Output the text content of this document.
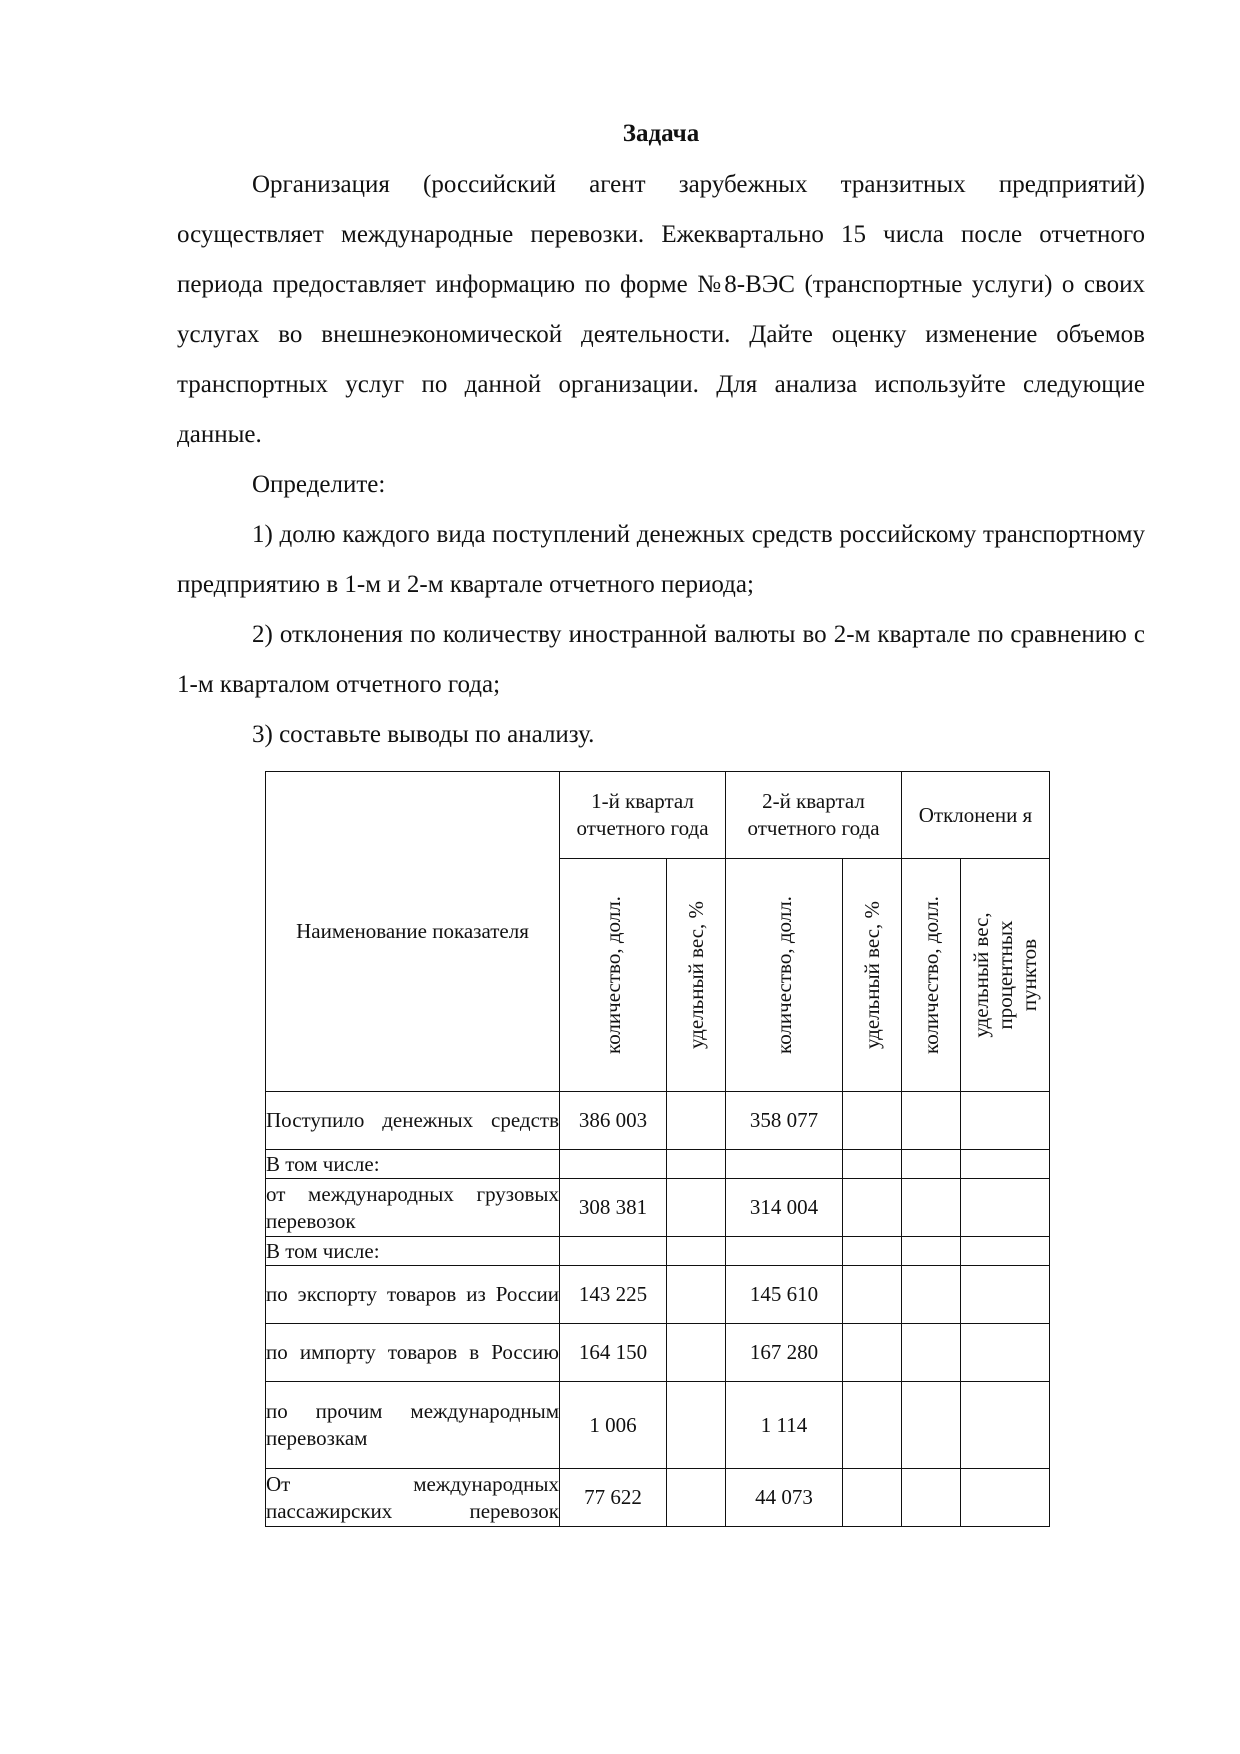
Задача

Организация (российский агент зарубежных транзитных предприятий) осуществляет международные перевозки. Ежеквартально 15 числа после отчетного периода предоставляет информацию по форме №8-ВЭС (транспортные услуги) о своих услугах во внешнеэкономической деятельности. Дайте оценку изменение объемов транспортных услуг по данной организации. Для анализа используйте следующие данные.

Определите:

1) долю каждого вида поступлений денежных средств российскому транспортному предприятию в 1-м и 2-м квартале отчетного периода;

2) отклонения по количеству иностранной валюты во 2-м квартале по сравнению с 1-м кварталом отчетного года;

3) составьте выводы по анализу.

Наименование показателя	1-й квартал отчетного года		2-й квартал отчетного года		Отклонени я	

	количество, долл.	удельный вес, %	количество, долл.	удельный вес, %	количество, долл.	удельный вес, процентных пунктов

Поступило денежных средств	386 003		358 077			
В том числе:						
от международных грузовых перевозок	308 381		314 004			
В том числе:						
по экспорту товаров из России	143 225		145 610			
по импорту товаров в Россию	164 150		167 280			
по прочим международным перевозкам	1 006		1 114			
От международных пассажирских перевозок	77 622		44 073			
